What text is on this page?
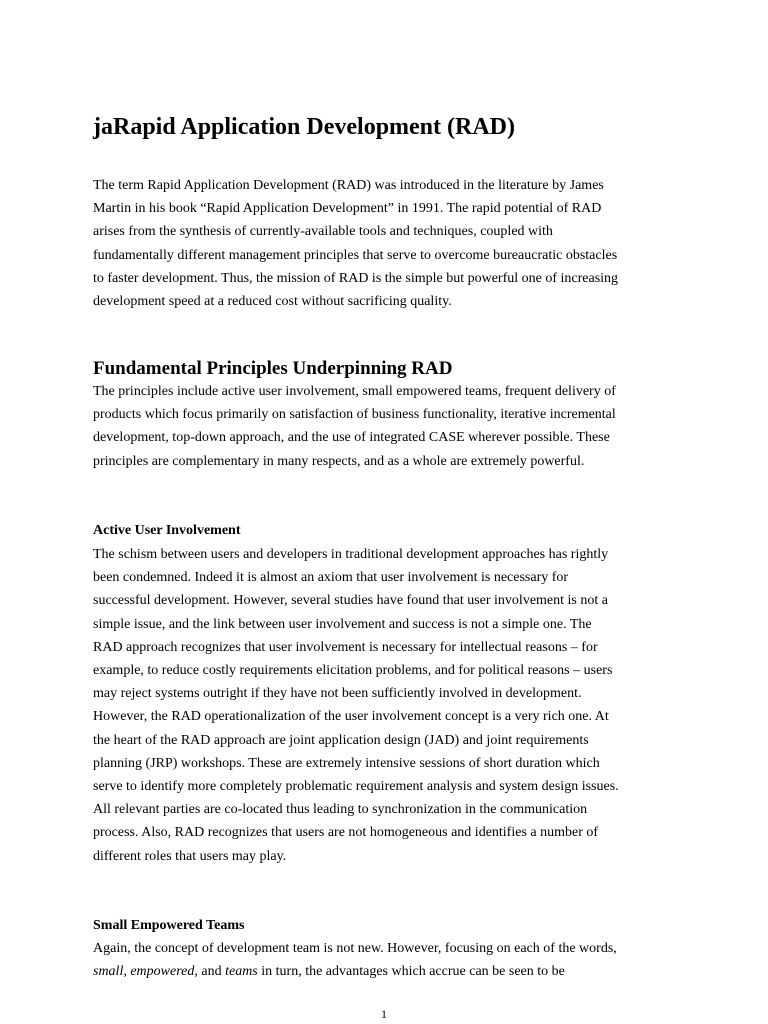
jaRapid Application Development (RAD)

The term Rapid Application Development (RAD) was introduced in the literature by James
Martin in his book “Rapid Application Development” in 1991. The rapid potential of RAD
arises from the synthesis of currently-available tools and techniques, coupled with
fundamentally different management principles that serve to overcome bureaucratic obstacles
to faster development. Thus, the mission of RAD is the simple but powerful one of increasing
development speed at a reduced cost without sacrificing quality.

Fundamental Principles Underpinning RAD

The principles include active user involvement, small empowered teams, frequent delivery of
products which focus primarily on satisfaction of business functionality, iterative incremental
development, top-down approach, and the use of integrated CASE wherever possible. These
principles are complementary in many respects, and as a whole are extremely powerful.

Active User Involvement

The schism between users and developers in traditional development approaches has rightly
been condemned. Indeed it is almost an axiom that user involvement is necessary for
successful development. However, several studies have found that user involvement is not a
simple issue, and the link between user involvement and success is not a simple one. The
RAD approach recognizes that user involvement is necessary for intellectual reasons – for
example, to reduce costly requirements elicitation problems, and for political reasons – users
may reject systems outright if they have not been sufficiently involved in development.
However, the RAD operationalization of the user involvement concept is a very rich one. At
the heart of the RAD approach are joint application design (JAD) and joint requirements
planning (JRP) workshops. These are extremely intensive sessions of short duration which
serve to identify more completely problematic requirement analysis and system design issues.
All relevant parties are co-located thus leading to synchronization in the communication
process. Also, RAD recognizes that users are not homogeneous and identifies a number of
different roles that users may play.

Small Empowered Teams

Again, the concept of development team is not new. However, focusing on each of the words,
small, empowered, and teams in turn, the advantages which accrue can be seen to be

1
